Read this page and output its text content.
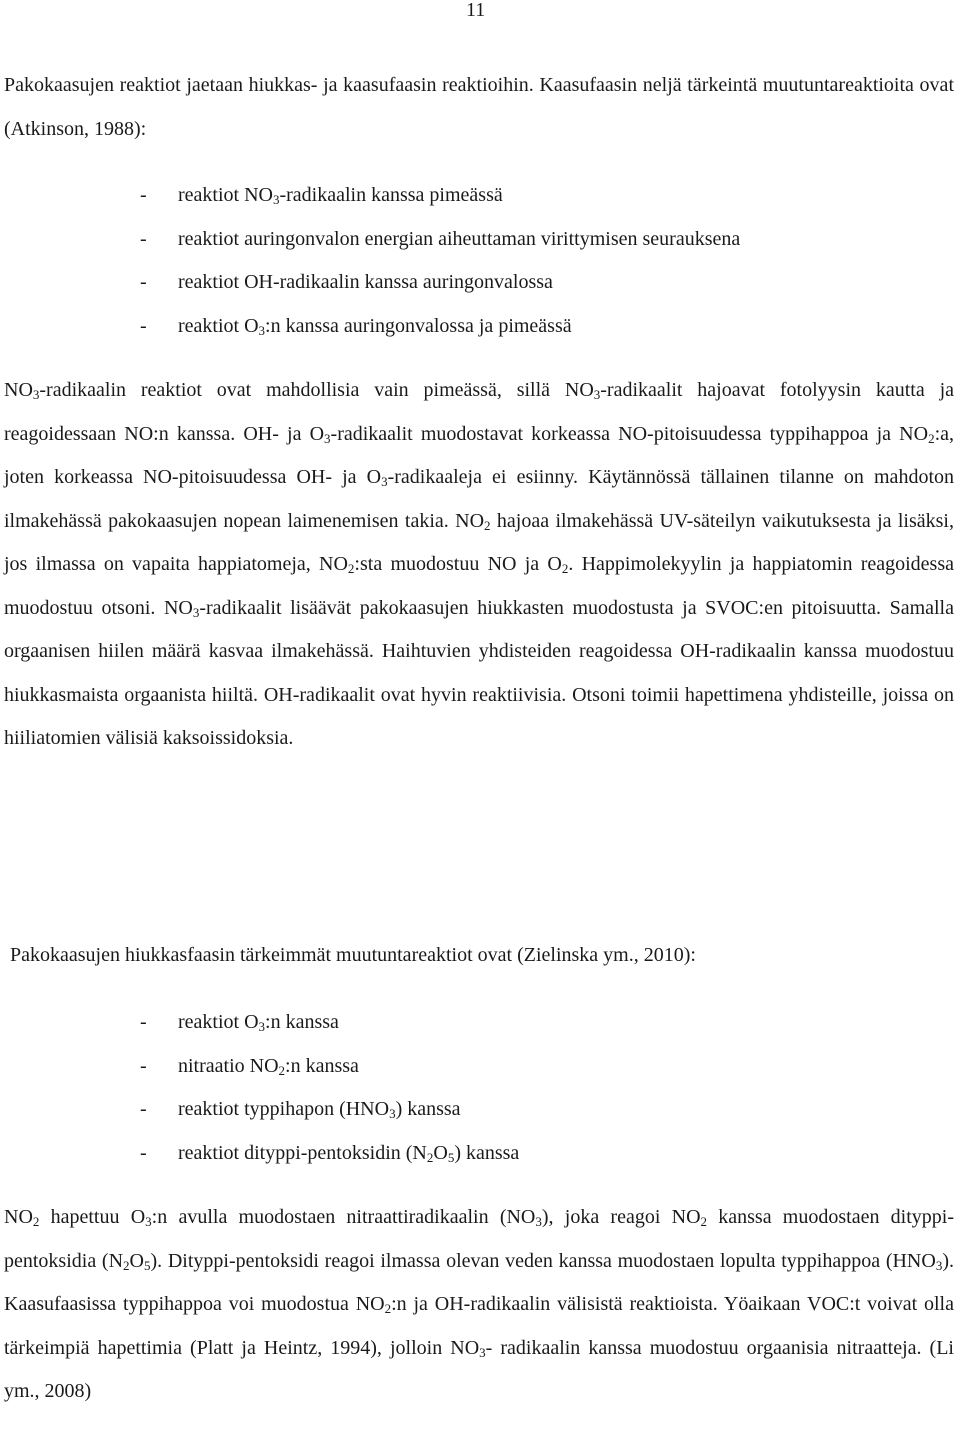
11

Pakokaasujen reaktiot jaetaan hiukkas- ja kaasufaasin reaktioihin. Kaasufaasin neljä tärkeintä muutuntareaktioita ovat (Atkinson, 1988):

-	reaktiot $NO_3$-radikaalin kanssa pimeässä
-	reaktiot auringonvalon energian aiheuttaman virittymisen seurauksena
-	reaktiot OH-radikaalin kanssa auringonvalossa
-	reaktiot $O_3:n$ kanssa auringonvalossa ja pimeässä

$NO_3$-radikaalin reaktiot ovat mahdollisia vain pimeässä, sillä $NO_3$-radikaalit hajoavat fotolyysin kautta ja reagoidessaan NO:n kanssa. OH- ja $O_3$-radikaalit muodostavat korkeassa NO-pitoisuudessa typpihappoa ja $NO_2:a$, joten korkeassa NO-pitoisuudessa OH- ja $O_3$-radikaaleja ei esiinny. Käytännössä tällainen tilanne on mahdoton ilmakehässä pakokaasujen nopean laimenemisen takia. $NO_2$ hajoaa ilmakehässä UV-säteilyn vaikutuksesta ja lisäksi, jos ilmassa on vapaita happiatomeja, $NO_2:sta$ muodostuu NO ja $O_2$. Happimolekyylin ja happiatomin reagoidessa muodostuu otsoni. $NO_3$-radikaalit lisäävät pakokaasujen hiukkasten muodostusta ja SVOC:en pitoisuutta. Samalla orgaanisen hiilen määrä kasvaa ilmakehässä. Haihtuvien yhdisteiden reagoidessa OH-radikaalin kanssa muodostuu hiukkasmaista orgaanista hiiltä. OH-radikaalit ovat hyvin reaktiivisia. Otsoni toimii hapettimena yhdisteille, joissa on hiiliatomien välisiä kaksoissidoksia.

Pakokaasujen hiukkasfaasin tärkeimmät muutuntareaktiot ovat (Zielinska ym., 2010):

-	reaktiot $O_3:n$ kanssa
-	nitraatio $NO_2:n$ kanssa
-	reaktiot typpihapon $(HNO_3)$ kanssa
-	reaktiot dityppi-pentoksidin $(N_2O_5)$ kanssa

$NO_2$ hapettuu $O_3:n$ avulla muodostaen nitraattiradikaalin $(NO_3)$, joka reagoi $NO_2$ kanssa muodostaen dityppi-pentoksidia $(N_2O_5)$. Dityppi-pentoksidi reagoi ilmassa olevan veden kanssa muodostaen lopulta typpihappoa $(HNO_3)$. Kaasufaasissa typpihappoa voi muodostua $NO_2:n$ ja OH-radikaalin välisistä reaktioista. Yöaikaan VOC:t voivat olla tärkeimpiä hapettimia (Platt ja Heintz, 1994), jolloin $NO_3-$ radikaalin kanssa muodostuu orgaanisia nitraatteja. (Li ym., 2008)
